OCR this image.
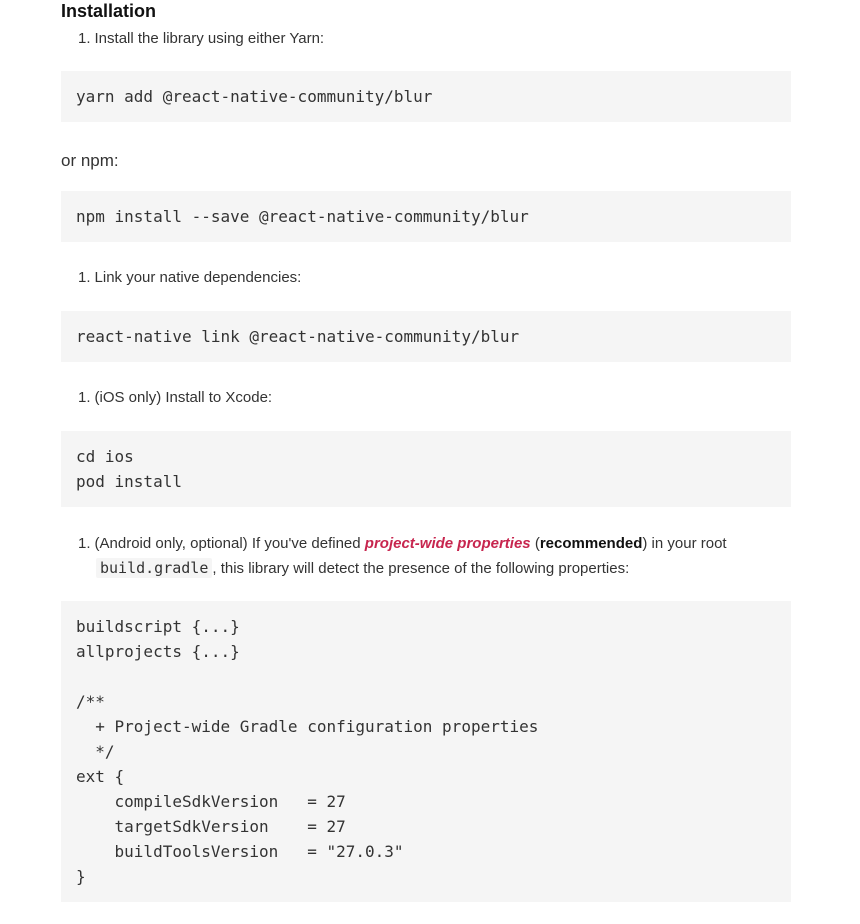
Installation
1. Install the library using either Yarn:
yarn add @react-native-community/blur
or npm:
npm install --save @react-native-community/blur
1. Link your native dependencies:
react-native link @react-native-community/blur
1. (iOS only) Install to Xcode:
cd ios
pod install
1. (Android only, optional) If you've defined project-wide properties (recommended) in your root
build.gradle , this library will detect the presence of the following properties:
buildscript {...}
allprojects {...}
/**
+ Project-wide Gradle configuration properties
*/
ext {
compileSdkVersion   = 27
targetSdkVersion    = 27
buildToolsVersion   = "27.0.3"
}
